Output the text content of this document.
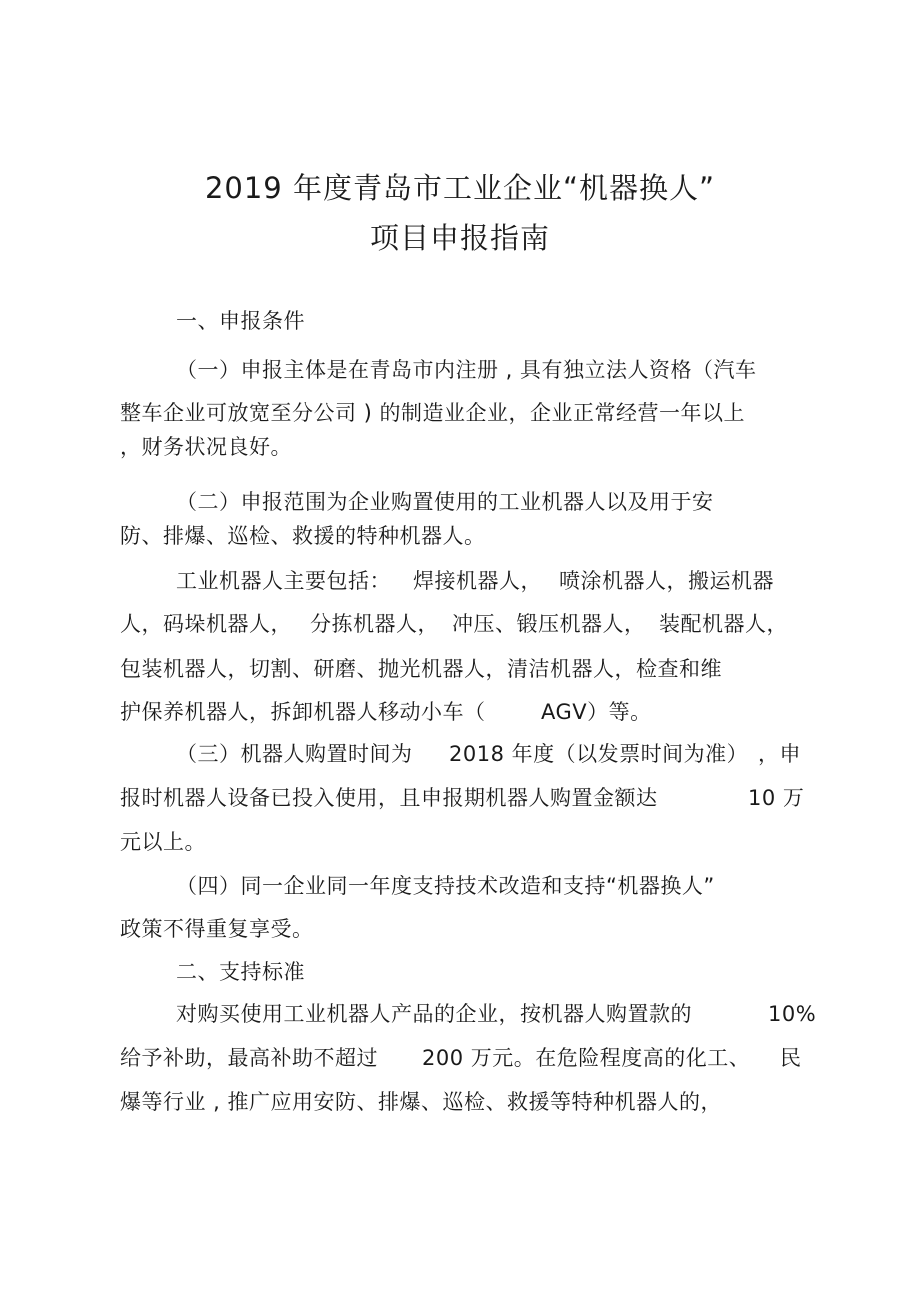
2019 年度青岛市工业企业“机器换人”
项目申报指南
一、申报条件
（一）申报主体是在青岛市内注册 , 具有独立法人资格（汽车
整车企业可放宽至分公司 ) 的制造业企业，企业正常经营一年以上
，财务状况良好。
（二）申报范围为企业购置使用的工业机器人以及用于安
防、排爆、巡检、救援的特种机器人。
工业机器人主要包括： 焊接机器人， 喷涂机器人，搬运机器
人，码垛机器人， 分拣机器人， 冲压、锻压机器人， 装配机器人，
包装机器人，切割、研磨、抛光机器人，清洁机器人，检查和维
护保养机器人，拆卸机器人移动小车（	AGV）等。
（三）机器人购置时间为 2018 年度（以发票时间为准） ，申
报时机器人设备已投入使用，且申报期机器人购置金额达	10 万
元以上。
（四）同一企业同一年度支持技术改造和支持“机器换人”
政策不得重复享受。
二、支持标准
对购买使用工业机器人产品的企业，按机器人购置款的	10%
给予补助，最高补助不超过 200 万元。在危险程度高的化工、 民
爆等行业 , 推广应用安防、排爆、巡检、救援等特种机器人的，
